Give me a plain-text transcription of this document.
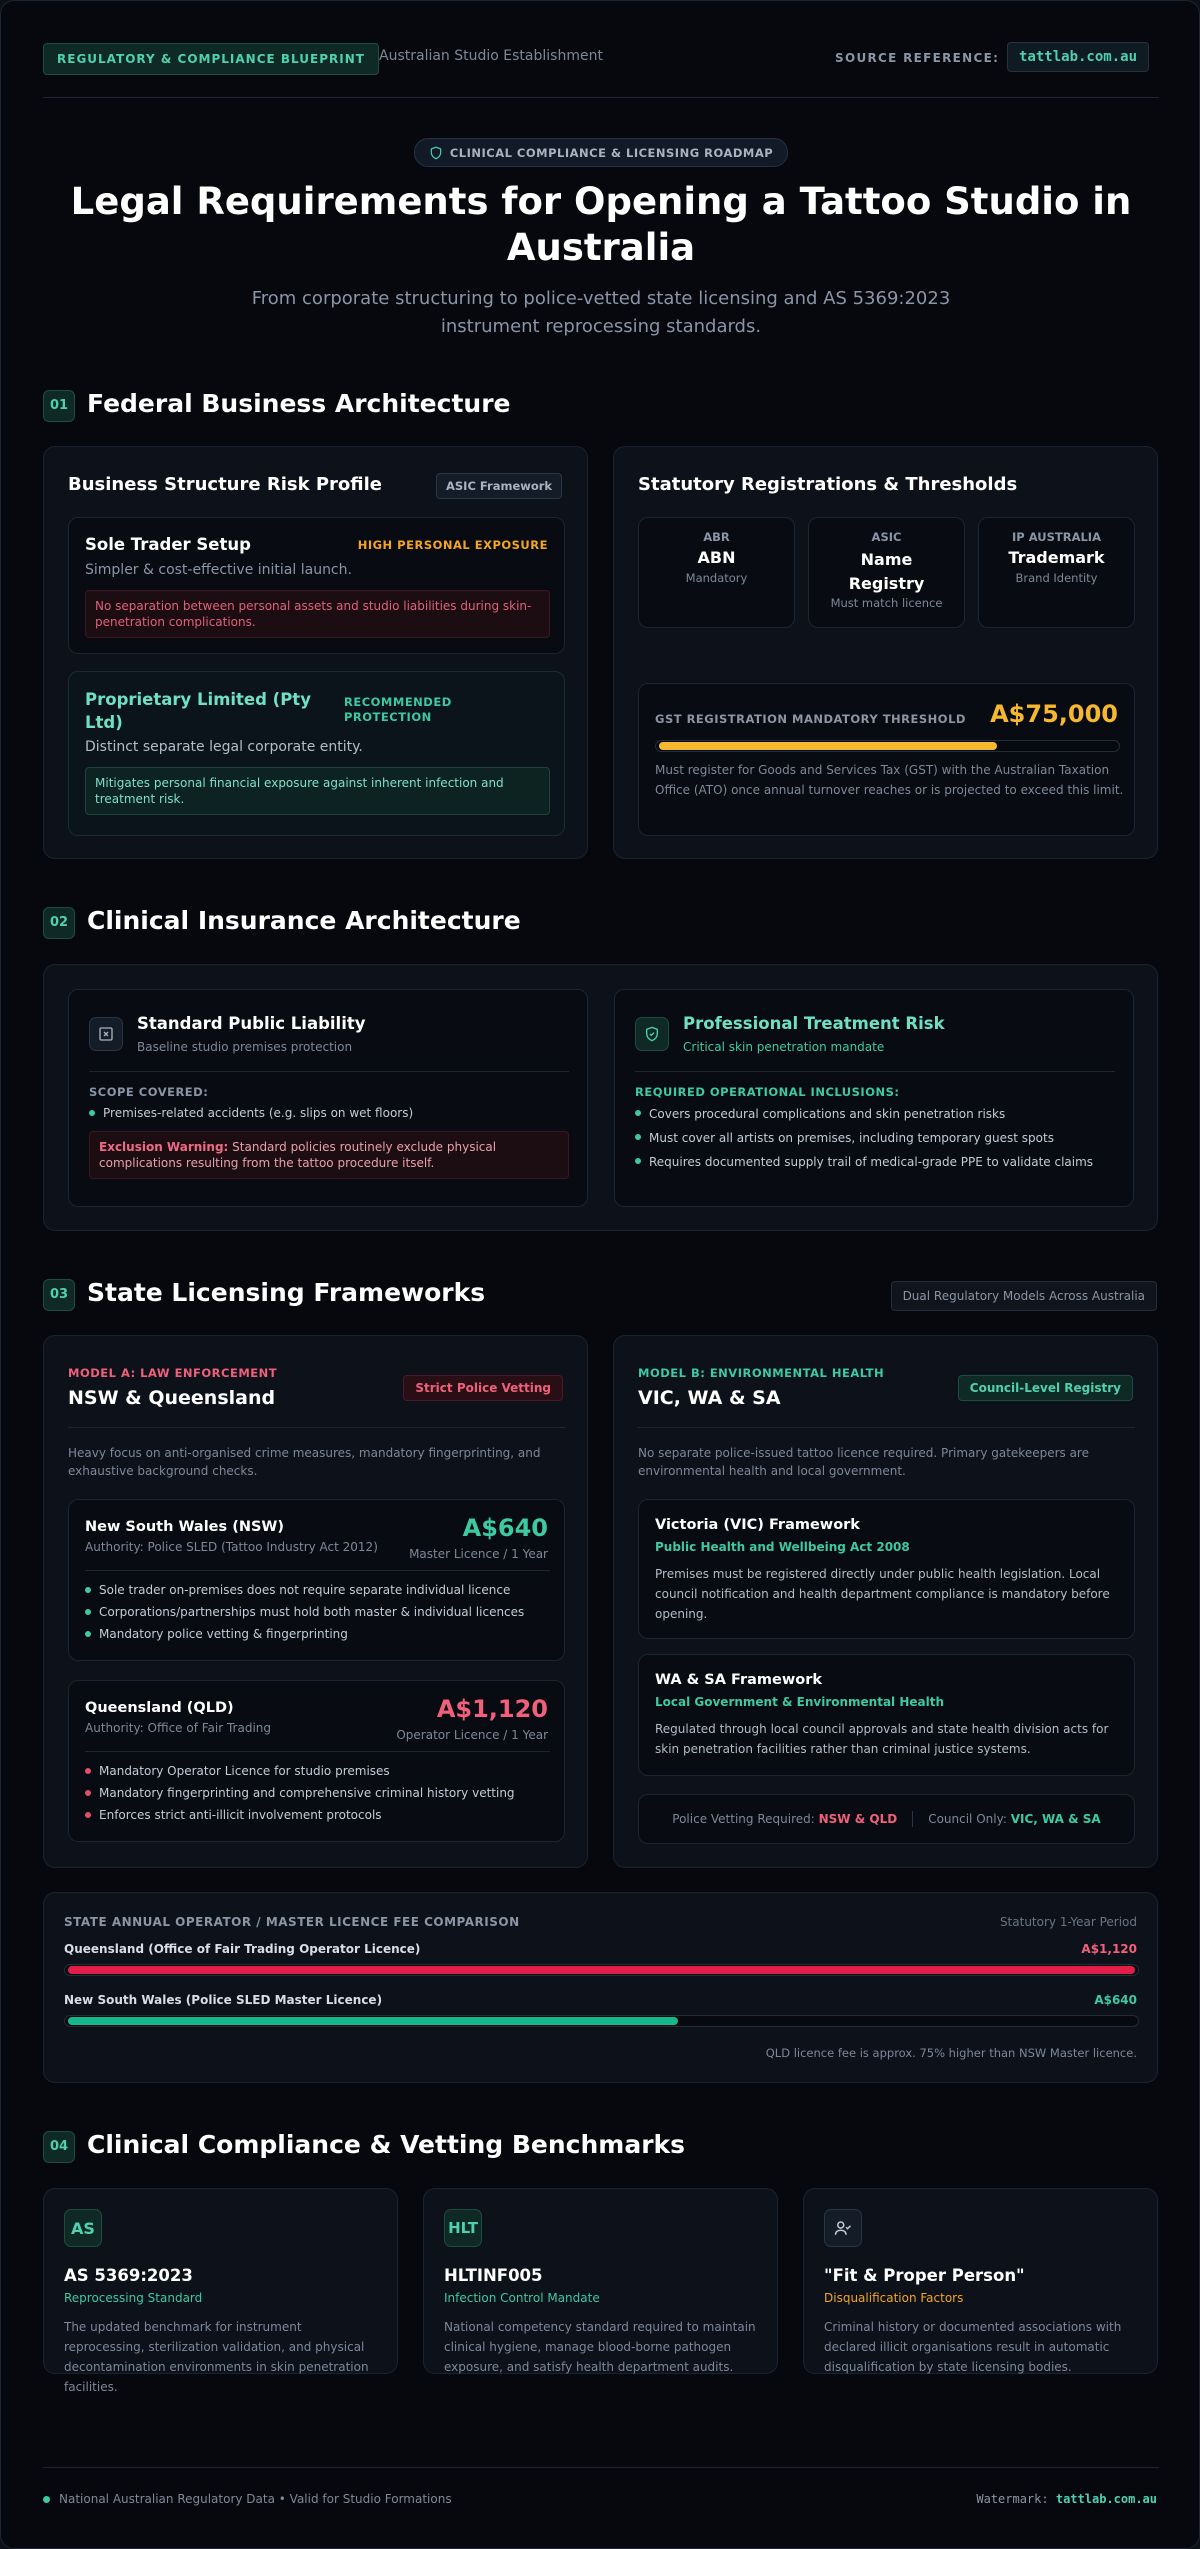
REGULATORY & COMPLIANCE BLUEPRINT	Australian Studio Establishment	SOURCE REFERENCE:	tattlab.com.au
CLINICAL COMPLIANCE & LICENSING ROADMAP
Legal Requirements for Opening a Tattoo Studio in
Australia
From corporate structuring to police-vetted state licensing and AS 5369:2023
instrument reprocessing standards.
01 Federal Business Architecture
Business Structure Risk Profile	ASIC Framework
Sole Trader Setup	HIGH PERSONAL EXPOSURE
Simpler & cost-effective initial launch.
No separation between personal assets and studio liabilities during skin-penetration complications.
Proprietary Limited (Pty
Ltd)
RECOMMENDED
PROTECTION
Distinct separate legal corporate entity.
Mitigates personal financial exposure against inherent infection and treatment risk.
Statutory Registrations & Thresholds
ABR
ABN
Mandatory
ASIC
Name
Registry
Must match licence
IP AUSTRALIA
Trademark
Brand Identity
GST REGISTRATION MANDATORY THRESHOLD A$75,000
Must register for Goods and Services Tax (GST) with the Australian Taxation Office (ATO) once annual turnover reaches or is projected to exceed this limit.
02 Clinical Insurance Architecture
Standard Public Liability
Baseline studio premises protection
SCOPE COVERED:
Premises-related accidents (e.g. slips on wet floors)
Exclusion Warning: Standard policies routinely exclude physical complications resulting from the tattoo procedure itself.
Professional Treatment Risk
Critical skin penetration mandate
REQUIRED OPERATIONAL INCLUSIONS:
Covers procedural complications and skin penetration risks
Must cover all artists on premises, including temporary guest spots
Requires documented supply trail of medical-grade PPE to validate claims
03 State Licensing Frameworks	Dual Regulatory Models Across Australia
MODEL A: LAW ENFORCEMENT
NSW & Queensland	Strict Police Vetting
Heavy focus on anti-organised crime measures, mandatory fingerprinting, and exhaustive background checks.
New South Wales (NSW)
Authority: Police SLED (Tattoo Industry Act 2012)
A$640
Master Licence / 1 Year
Sole trader on-premises does not require separate individual licence
Corporations/partnerships must hold both master & individual licences
Mandatory police vetting & fingerprinting
Queensland (QLD)
Authority: Office of Fair Trading
A$1,120
Operator Licence / 1 Year
Mandatory Operator Licence for studio premises
Mandatory fingerprinting and comprehensive criminal history vetting
Enforces strict anti-illicit involvement protocols
MODEL B: ENVIRONMENTAL HEALTH
VIC, WA & SA	Council-Level Registry
No separate police-issued tattoo licence required. Primary gatekeepers are environmental health and local government.
Victoria (VIC) Framework
Public Health and Wellbeing Act 2008
Premises must be registered directly under public health legislation. Local council notification and health department compliance is mandatory before opening.
WA & SA Framework
Local Government & Environmental Health
Regulated through local council approvals and state health division acts for skin penetration facilities rather than criminal justice systems.
Police Vetting Required:
NSW & QLD	Council Only:
VIC, WA & SA
STATE ANNUAL OPERATOR / MASTER LICENCE FEE COMPARISON	Statutory 1-Year Period
Queensland (Office of Fair Trading Operator Licence)	A$1,120
New South Wales (Police SLED Master Licence)	A$640
QLD licence fee is approx. 75% higher than NSW Master licence.
04 Clinical Compliance & Vetting Benchmarks
AS
AS 5369:2023
Reprocessing Standard
The updated benchmark for instrument reprocessing, sterilization validation, and physical decontamination environments in skin penetration facilities.
HLT
HLTINF005
Infection Control Mandate
National competency standard required to maintain clinical hygiene, manage blood-borne pathogen exposure, and satisfy health department audits.
"Fit & Proper Person"
Disqualification Factors
Criminal history or documented associations with declared illicit organisations result in automatic disqualification by state licensing bodies.
National Australian Regulatory Data • Valid for Studio Formations	Watermark: tattlab.com.au
